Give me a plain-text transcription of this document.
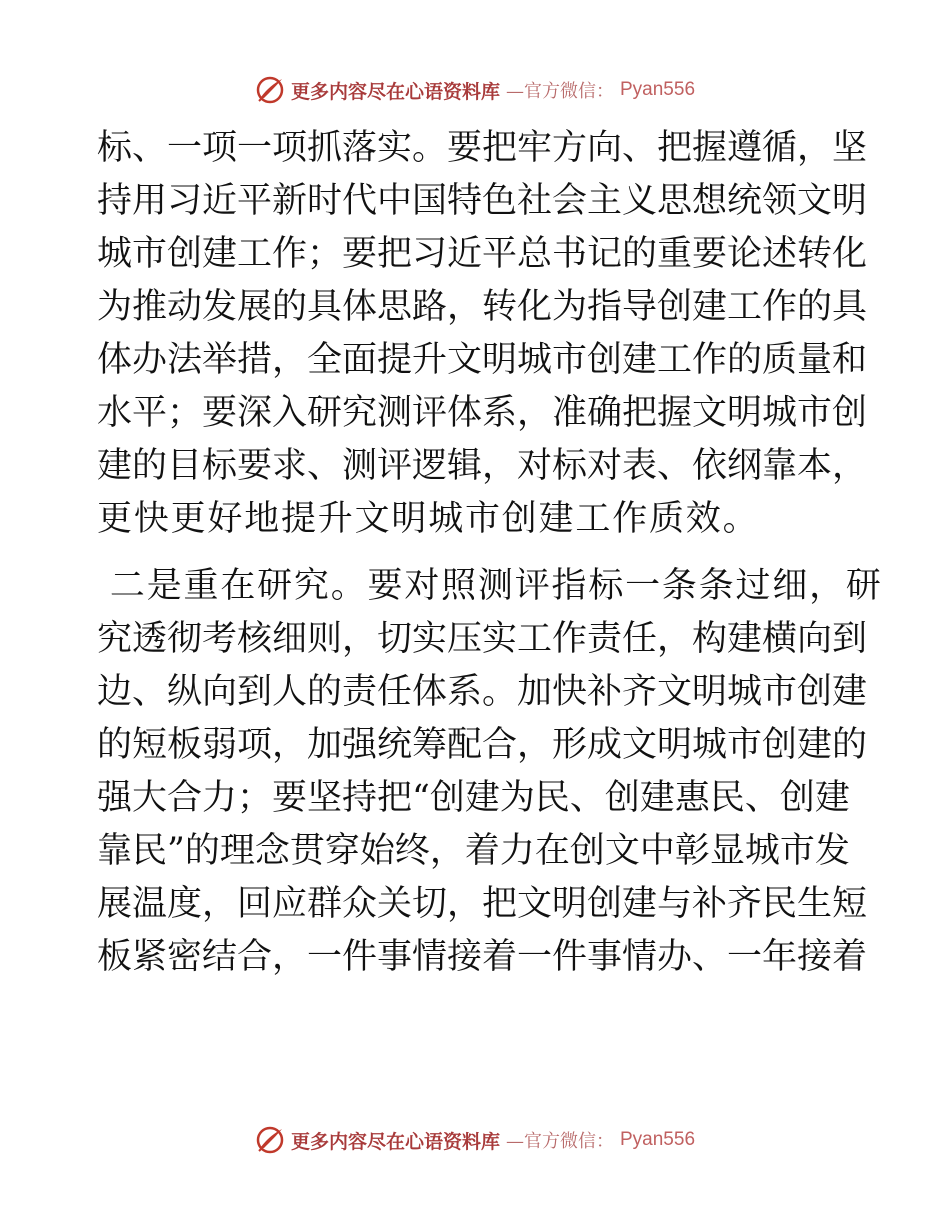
更多内容尽在心语资料库 —官方微信： Pyan556
标、一项一项抓落实。要把牢方向、把握遵循，坚
持用习近平新时代中国特色社会主义思想统领文明
城市创建工作；要把习近平总书记的重要论述转化
为推动发展的具体思路，转化为指导创建工作的具
体办法举措，全面提升文明城市创建工作的质量和
水平；要深入研究测评体系，准确把握文明城市创
建的目标要求、测评逻辑，对标对表、依纲靠本，
更快更好地提升文明城市创建工作质效。
二是重在研究。要对照测评指标一条条过细，研
究透彻考核细则，切实压实工作责任，构建横向到
边、纵向到人的责任体系。加快补齐文明城市创建
的短板弱项，加强统筹配合，形成文明城市创建的
强大合力；要坚持把“创建为民、创建惠民、创建
靠民”的理念贯穿始终，着力在创文中彰显城市发
展温度，回应群众关切，把文明创建与补齐民生短
板紧密结合，一件事情接着一件事情办、一年接着
更多内容尽在心语资料库 —官方微信： Pyan556
